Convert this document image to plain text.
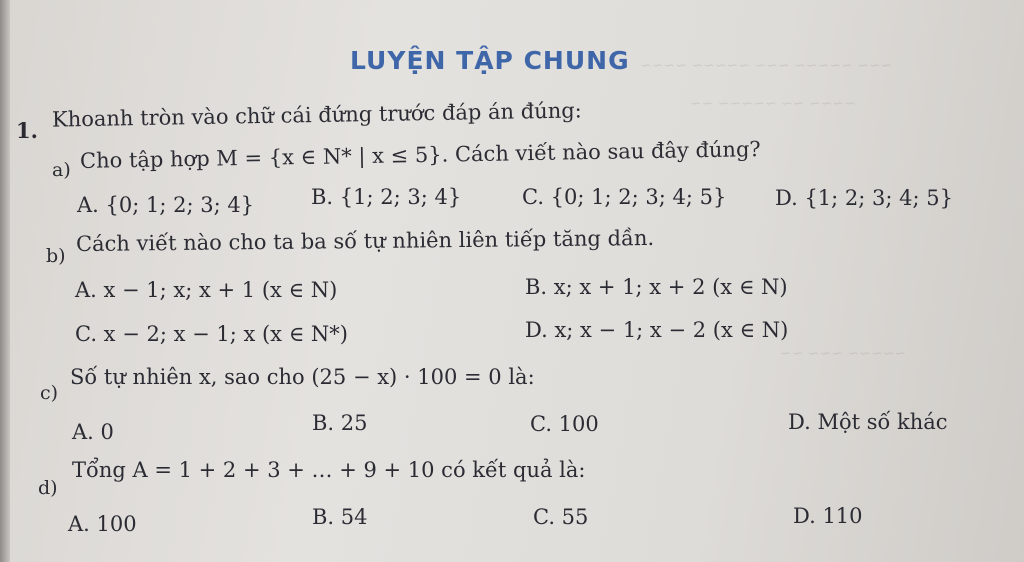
~~~ ~~~~~ ~~~ ~~~~~ ~~~~
~~~~ ~~ ~~~~~ ~~
~~~~~ ~~~ ~~
LUYỆN TẬP CHUNG
1. Khoanh tròn vào chữ cái đứng trước đáp án đúng:
a) Cho tập hợp M = {x ∈ N* | x ≤ 5}. Cách viết nào sau đây đúng?
A. {0; 1; 2; 3; 4}	B. {1; 2; 3; 4}	C. {0; 1; 2; 3; 4; 5} D. {1; 2; 3; 4; 5}
b) Cách viết nào cho ta ba số tự nhiên liên tiếp tăng dần.
A. x − 1; x; x + 1 (x ∈ N)	B. x; x + 1; x + 2 (x ∈ N)
C. x − 2; x − 1; x (x ∈ N*)	D. x; x − 1; x − 2 (x ∈ N)
c)
Số tự nhiên x, sao cho (25 − x) · 100 = 0 là:
A. 0	B. 25	C. 100	D. Một số khác
d)
Tổng A = 1 + 2 + 3 + … + 9 + 10 có kết quả là:
A. 100	B. 54	C. 55	D. 110
